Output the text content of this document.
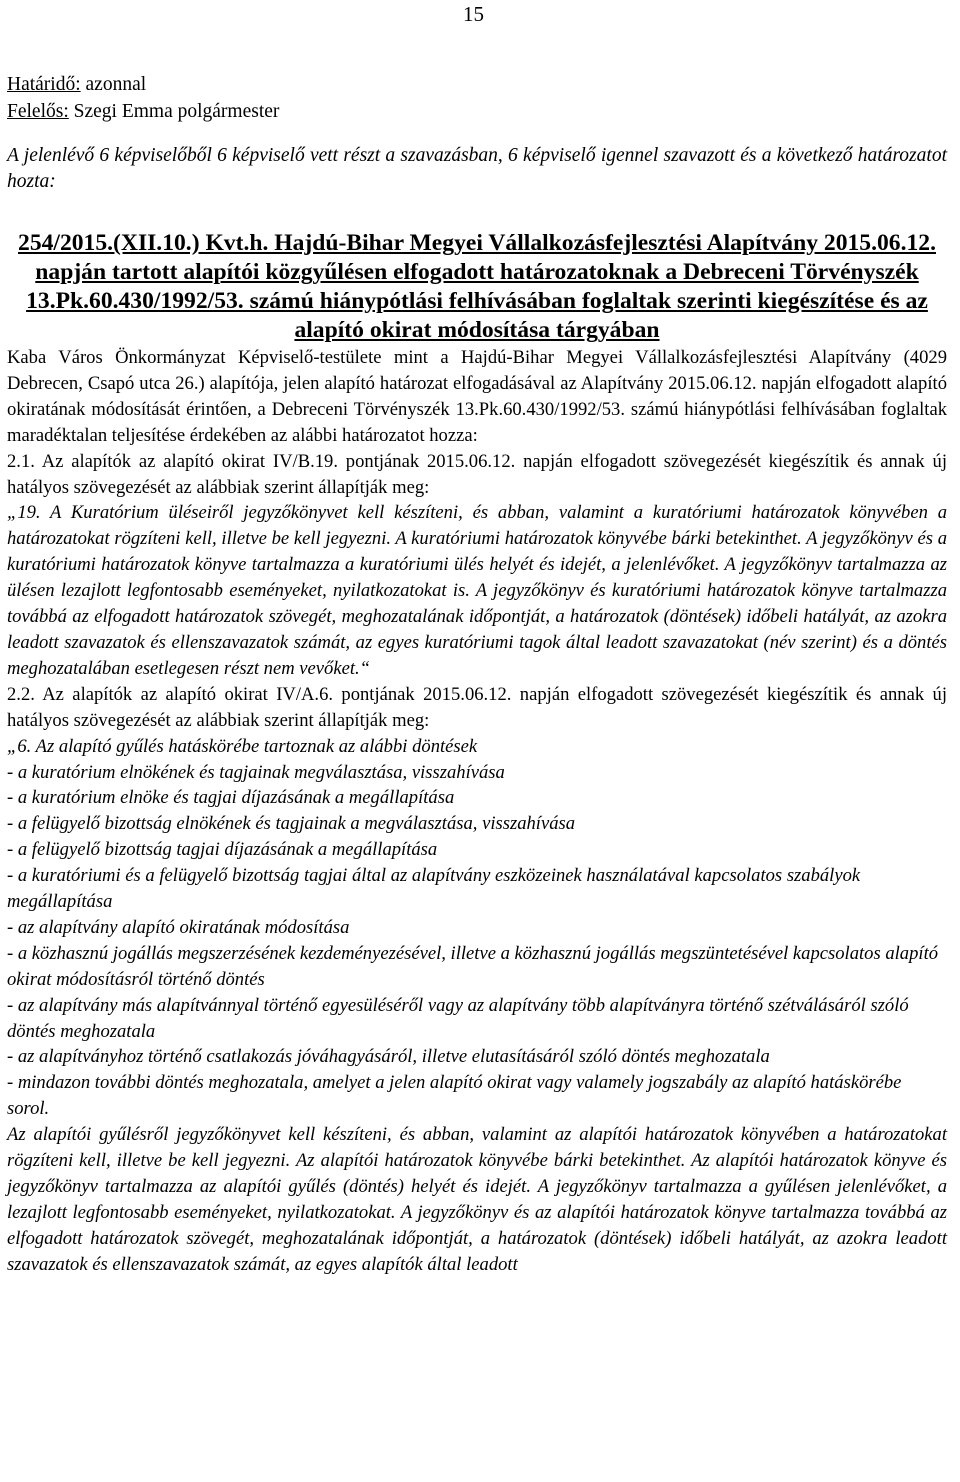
15

Határidő: azonnal

Felelős: Szegi Emma polgármester

A jelenlévő 6 képviselőből 6 képviselő vett részt a szavazásban, 6 képviselő igennel szavazott és a következő határozatot hozta:

254/2015.(XII.10.) Kvt.h. Hajdú-Bihar Megyei Vállalkozásfejlesztési Alapítvány 2015.06.12. napján tartott alapítói közgyűlésen elfogadott határozatoknak a Debreceni Törvényszék 13.Pk.60.430/1992/53. számú hiánypótlási felhívásában foglaltak szerinti kiegészítése és az alapító okirat módosítása tárgyában

Kaba Város Önkormányzat Képviselő-testülete mint a Hajdú-Bihar Megyei Vállalkozásfejlesztési Alapítvány (4029 Debrecen, Csapó utca 26.) alapítója, jelen alapító határozat elfogadásával az Alapítvány 2015.06.12. napján elfogadott alapító okiratának módosítását érintően, a Debreceni Törvényszék 13.Pk.60.430/1992/53. számú hiánypótlási felhívásában foglaltak maradéktalan teljesítése érdekében az alábbi határozatot hozza:

2.1. Az alapítók az alapító okirat IV/B.19. pontjának 2015.06.12. napján elfogadott szövegezését kiegészítik és annak új hatályos szövegezését az alábbiak szerint állapítják meg:

„19. A Kuratórium üléseiről jegyzőkönyvet kell készíteni, és abban, valamint a kuratóriumi határozatok könyvében a határozatokat rögzíteni kell, illetve be kell jegyezni. A kuratóriumi határozatok könyvébe bárki betekinthet. A jegyzőkönyv és a kuratóriumi határozatok könyve tartalmazza a kuratóriumi ülés helyét és idejét, a jelenlévőket. A jegyzőkönyv tartalmazza az ülésen lezajlott legfontosabb eseményeket, nyilatkozatokat is. A jegyzőkönyv és kuratóriumi határozatok könyve tartalmazza továbbá az elfogadott határozatok szövegét, meghozatalának időpontját, a határozatok (döntések) időbeli hatályát, az azokra leadott szavazatok és ellenszavazatok számát, az egyes kuratóriumi tagok által leadott szavazatokat (név szerint) és a döntés meghozatalában esetlegesen részt nem vevőket.“

2.2. Az alapítók az alapító okirat IV/A.6. pontjának 2015.06.12. napján elfogadott szövegezését kiegészítik és annak új hatályos szövegezését az alábbiak szerint állapítják meg:

„6. Az alapító gyűlés hatáskörébe tartoznak az alábbi döntések

- a kuratórium elnökének és tagjainak megválasztása, visszahívása

- a kuratórium elnöke és tagjai díjazásának a megállapítása

- a felügyelő bizottság elnökének és tagjainak a megválasztása, visszahívása

- a felügyelő bizottság tagjai díjazásának a megállapítása

- a kuratóriumi és a felügyelő bizottság tagjai által az alapítvány eszközeinek használatával kapcsolatos szabályok megállapítása

- az alapítvány alapító okiratának módosítása

- a közhasznú jogállás megszerzésének kezdeményezésével, illetve a közhasznú jogállás megszüntetésével kapcsolatos alapító okirat módosításról történő döntés

- az alapítvány más alapítvánnyal történő egyesüléséről vagy az alapítvány több alapítványra történő szétválásáról szóló döntés meghozatala

- az alapítványhoz történő csatlakozás jóváhagyásáról, illetve elutasításáról szóló döntés meghozatala

- mindazon további döntés meghozatala, amelyet a jelen alapító okirat vagy valamely jogszabály az alapító hatáskörébe sorol.

Az alapítói gyűlésről jegyzőkönyvet kell készíteni, és abban, valamint az alapítói határozatok könyvében a határozatokat rögzíteni kell, illetve be kell jegyezni. Az alapítói határozatok könyvébe bárki betekinthet. Az alapítói határozatok könyve és jegyzőkönyv tartalmazza az alapítói gyűlés (döntés) helyét és idejét. A jegyzőkönyv tartalmazza a gyűlésen jelenlévőket, a lezajlott legfontosabb eseményeket, nyilatkozatokat. A jegyzőkönyv és az alapítói határozatok könyve tartalmazza továbbá az elfogadott határozatok szövegét, meghozatalának időpontját, a határozatok (döntések) időbeli hatályát, az azokra leadott szavazatok és ellenszavazatok számát, az egyes alapítók által leadott
